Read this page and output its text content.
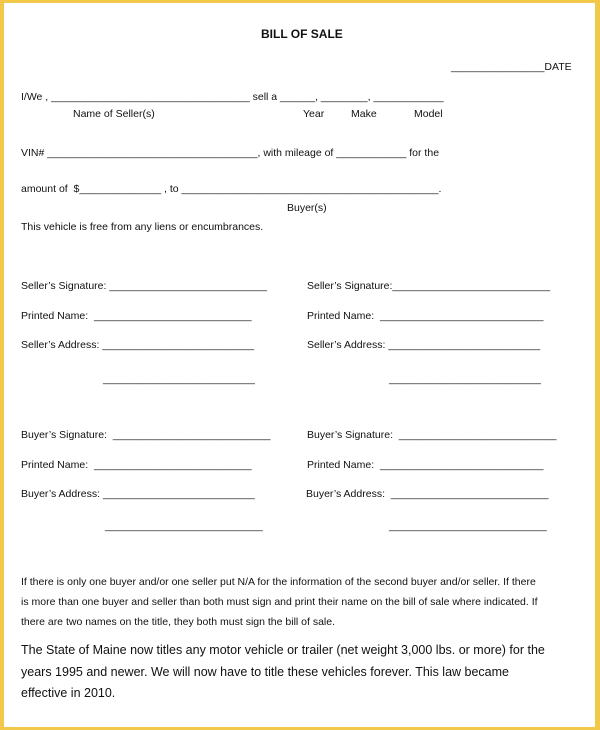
BILL OF SALE
________________DATE
I/We , __________________________________ sell a ______, ________, ____________
Name of Seller(s)	Year	Make	Model
VIN# ____________________________________, with mileage of ____________ for the
amount of  $______________ , to ____________________________________________.
Buyer(s)
This vehicle is free from any liens or encumbrances.
Seller’s Signature: ___________________________
Printed Name:  ___________________________
Seller’s Address: __________________________
__________________________
Seller’s Signature:___________________________
Printed Name:  ____________________________
Seller’s Address: __________________________
__________________________
Buyer’s Signature:  ___________________________
Printed Name:  ___________________________
Buyer’s Address: __________________________
___________________________
Buyer’s Signature:  ___________________________
Printed Name:  ____________________________
Buyer’s Address:  ___________________________
___________________________
If there is only one buyer and/or one seller put N/A for the information of the second buyer and/or seller. If there
is more than one buyer and seller than both must sign and print their name on the bill of sale where indicated. If
there are two names on the title, they both must sign the bill of sale.
The State of Maine now titles any motor vehicle or trailer (net weight 3,000 lbs. or more) for the
years 1995 and newer. We will now have to title these vehicles forever. This law became
effective in 2010.
